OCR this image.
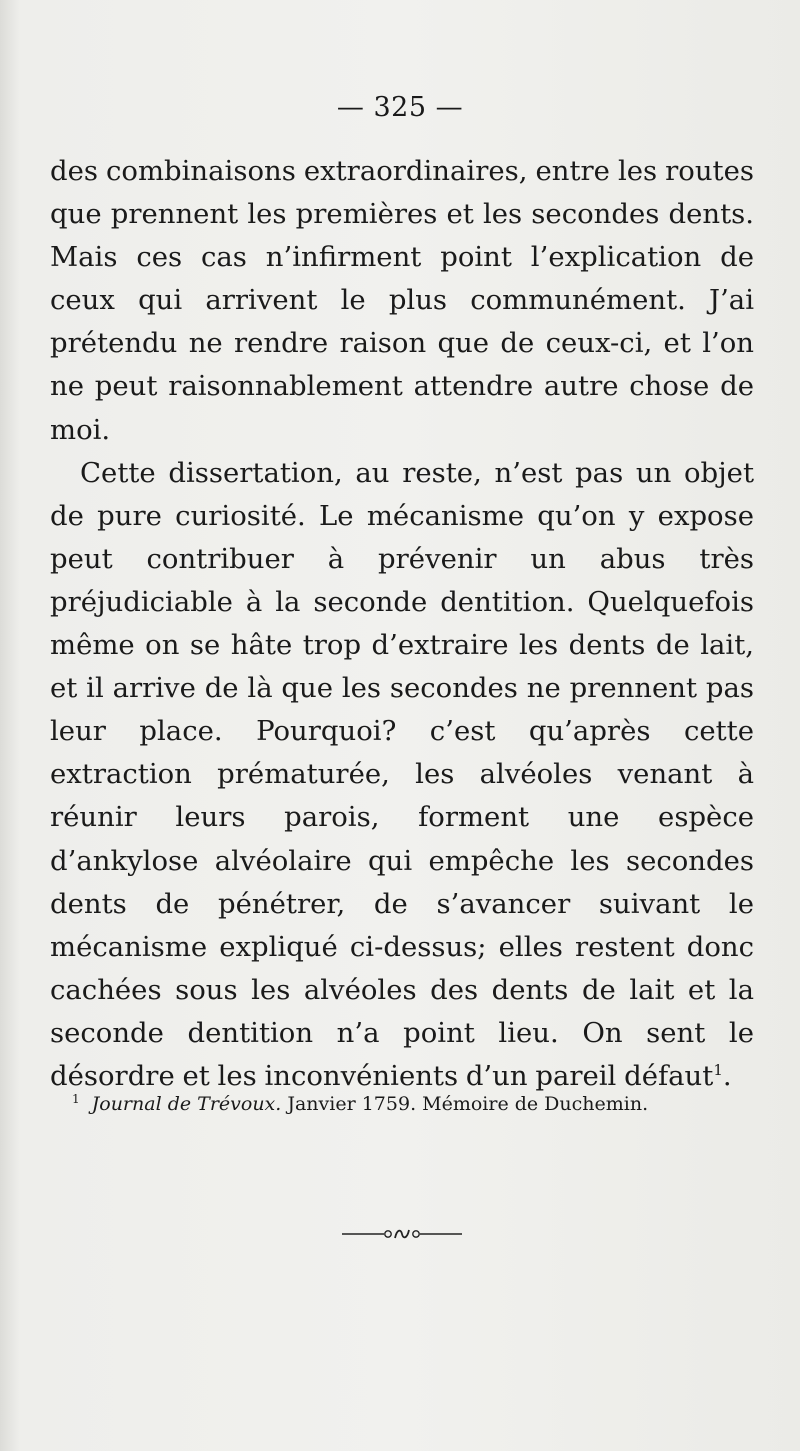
— 325 —

des combinaisons extraordinaires, entre les routes que prennent les premières et les secondes dents. Mais ces cas n’infirment point l’explication de ceux qui arrivent le plus communément. J’ai prétendu ne rendre raison que de ceux-ci, et l’on ne peut raisonnablement attendre autre chose de moi.

Cette dissertation, au reste, n’est pas un objet de pure curiosité. Le mécanisme qu’on y expose peut contribuer à prévenir un abus très préjudiciable à la seconde dentition. Quelquefois même on se hâte trop d’extraire les dents de lait, et il arrive de là que les secondes ne prennent pas leur place. Pourquoi? c’est qu’après cette extraction prématurée, les alvéoles venant à réunir leurs parois, forment une espèce d’ankylose alvéolaire qui empêche les secondes dents de pénétrer, de s’avancer suivant le mécanisme expliqué ci-dessus; elles restent donc cachées sous les alvéoles des dents de lait et la seconde dentition n’a point lieu. On sent le désordre et les inconvénients d’un pareil défaut$^1$.

$^1$ Journal de Trévoux. Janvier 1759. Mémoire de Duchemin.
